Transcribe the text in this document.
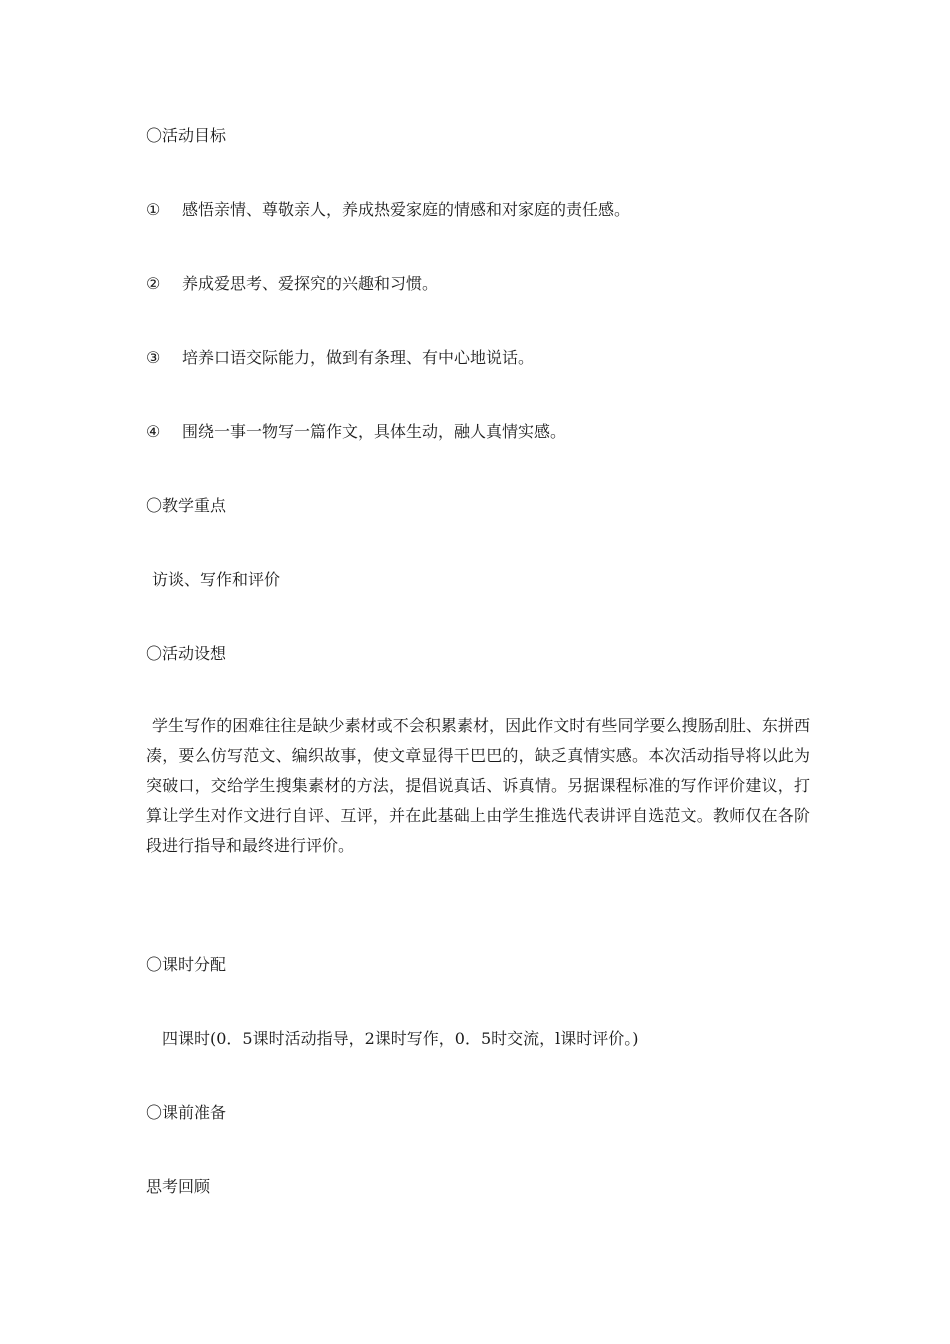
〇活动目标
① 感悟亲情、尊敬亲人，养成热爱家庭的情感和对家庭的责任感。
② 养成爱思考、爱探究的兴趣和习惯。
③ 培养口语交际能力，做到有条理、有中心地说话。
④ 围绕一事一物写一篇作文，具体生动，融人真情实感。
〇教学重点
访谈、写作和评价
〇活动设想
学生写作的困难往往是缺少素材或不会积累素材，因此作文时有些同学要么搜肠刮肚、东拼西凑，要么仿写范文、编织故事，使文章显得干巴巴的，缺乏真情实感。本次活动指导将以此为突破口，交给学生搜集素材的方法，提倡说真话、诉真情。另据课程标准的写作评价建议，打算让学生对作文进行自评、互评，并在此基础上由学生推选代表讲评自选范文。教师仅在各阶段进行指导和最终进行评价。
〇课时分配
四课时(0．5课时活动指导，2课时写作，0．5时交流，l课时评价。)
〇课前准备
思考回顾
